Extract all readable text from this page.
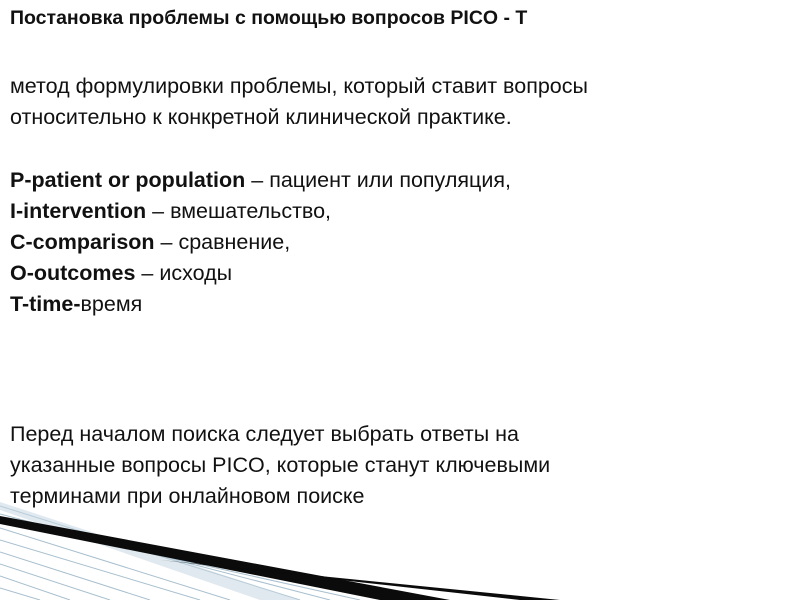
Постановка проблемы с помощью вопросов PICO - T
метод формулировки проблемы, который ставит вопросы
относительно к конкретной клинической практике.
P-patient or population – пациент или популяция,
I-intervention – вмешательство,
C-comparison – сравнение,
O-outcomes – исходы
T-time-время
Перед началом поиска следует выбрать ответы на
указанные вопросы PICO, которые станут ключевыми
терминами при онлайновом поиске
